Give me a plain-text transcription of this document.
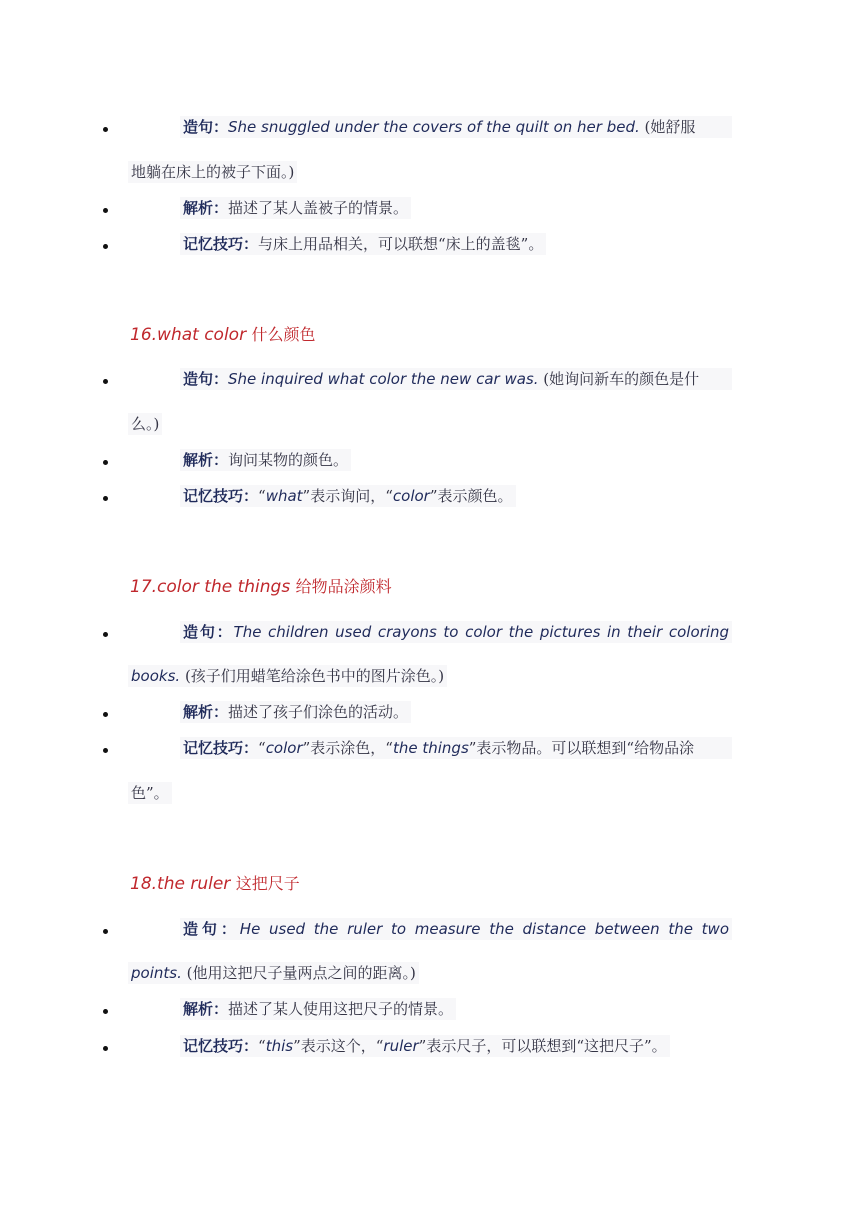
造句：She snuggled under the covers of the quilt on her bed. (她舒服
地躺在床上的被子下面。)
解析：描述了某人盖被子的情景。
记忆技巧：与床上用品相关，可以联想“床上的盖毯”。
16.what color 什么颜色
造句：She inquired what color the new car was. (她询问新车的颜色是什
么。)
解析：询问某物的颜色。
记忆技巧：“what”表示询问，“color”表示颜色。
17.color the things 给物品涂颜料
造句：The children used crayons to color the pictures in their coloring
books. (孩子们用蜡笔给涂色书中的图片涂色。)
解析：描述了孩子们涂色的活动。
记忆技巧：“color”表示涂色，“the things”表示物品。可以联想到“给物品涂
色”。
18.the ruler 这把尺子
造句：He used the ruler to measure the distance between the two
points. (他用这把尺子量两点之间的距离。)
解析：描述了某人使用这把尺子的情景。
记忆技巧：“this”表示这个，“ruler”表示尺子，可以联想到“这把尺子”。
